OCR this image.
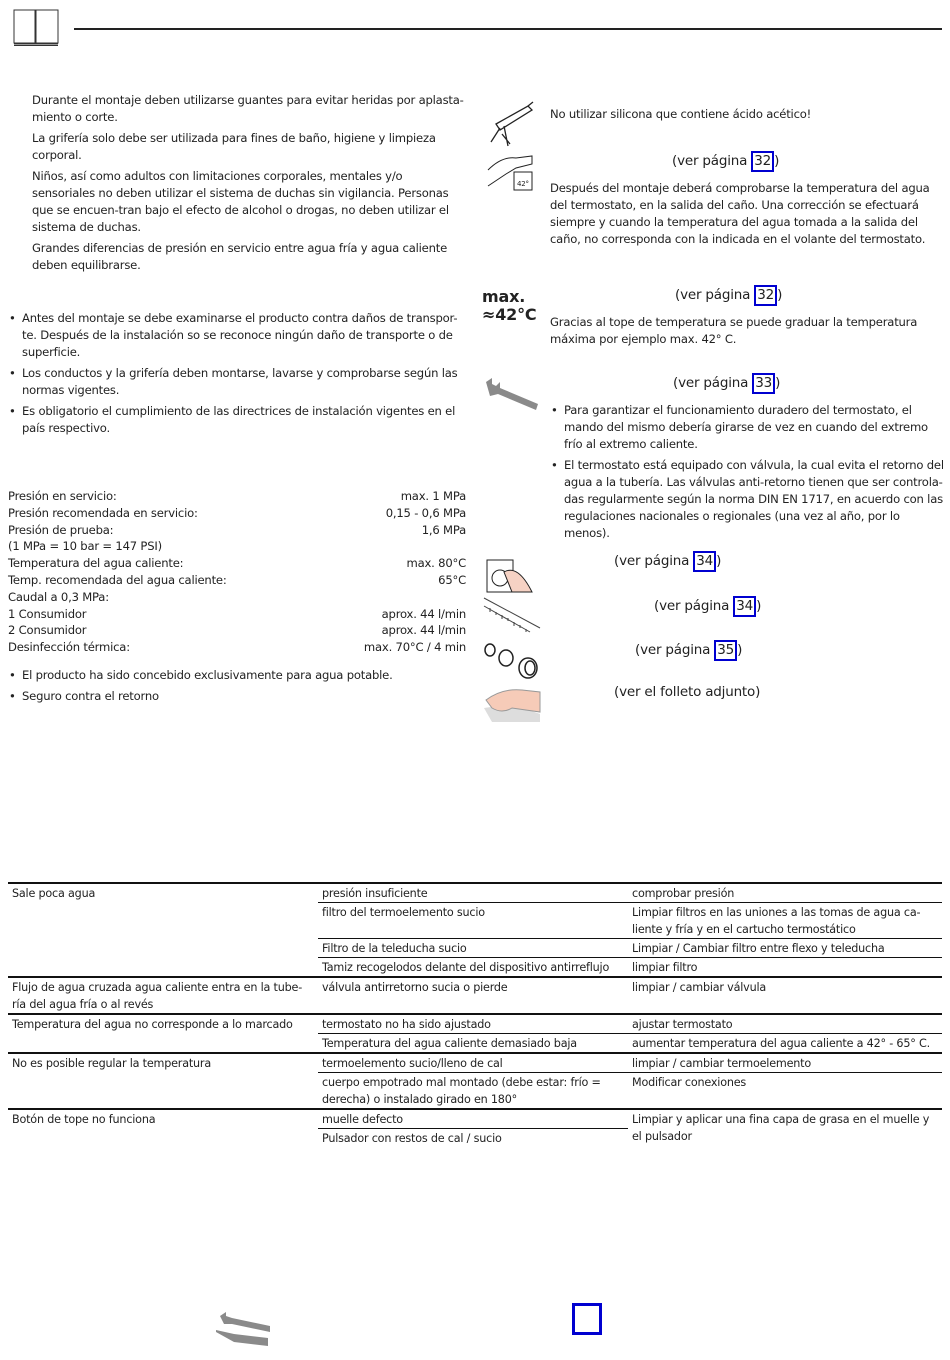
Durante el montaje deben utilizarse guantes para evitar heridas por aplasta-miento o corte.

La grifería solo debe ser utilizada para fines de baño, higiene y limpieza corporal.

Niños, así como adultos con limitaciones corporales, mentales y/o sensoriales no deben utilizar el sistema de duchas sin vigilancia. Personas que se encuen-tran bajo el efecto de alcohol o drogas, no deben utilizar el sistema de duchas.

Grandes diferencias de presión en servicio entre agua fría y agua caliente deben equilibrarse.

• Antes del montaje se debe examinarse el producto contra daños de transpor-te. Después de la instalación so se reconoce ningún daño de transporte o de superficie.
• Los conductos y la grifería deben montarse, lavarse y comprobarse según las normas vigentes.
• Es obligatorio el cumplimiento de las directrices de instalación vigentes en el país respectivo.
Presión en servicio:	max. 1 MPa
Presión recomendada en servicio:	0,15 - 0,6 MPa
Presión de prueba:	1,6 MPa
(1 MPa = 10 bar = 147 PSI)
Temperatura del agua caliente:	max. 80°C
Temp. recomendada del agua caliente:	65°C
Caudal a 0,3 MPa:
1 Consumidor	aprox. 44 l/min
2 Consumidor	aprox. 44 l/min
Desinfección térmica:	max. 70°C / 4 min
• El producto ha sido concebido exclusivamente para agua potable.
• Seguro contra el retorno
No utilizar silicona que contiene ácido acético!
42°
(ver página 32 )

Después del montaje deberá comprobarse la temperatura del agua del termostato, en la salida del caño. Una corrección se efectuará siempre y cuando la temperatura del agua tomada a la salida del caño, no corresponda con la indicada en el volante del termostato.

max.
≈42°C
(ver página 32 )

Gracias al tope de temperatura se puede graduar la temperatura máxima por ejemplo max. 42° C.

(ver página 33 )
• Para garantizar el funcionamiento duradero del termostato, el mando del mismo debería girarse de vez en cuando del extremo frío al extremo caliente.
• El termostato está equipado con válvula, la cual evita el retorno del agua a la tubería. Las válvulas anti-retorno tienen que ser controla-das regularmente según la norma DIN EN 1717, en acuerdo con las regulaciones nacionales o regionales (una vez al año, por lo menos).
(ver página 34 )
(ver página 34 )
(ver página 35 )
(ver el folleto adjunto)
Sale poca agua	presión insuficiente	comprobar presión
	filtro del termoelemento sucio	Limpiar filtros en las uniones a las tomas de agua ca-liente y fría y en el cartucho termostático
	Filtro de la teleducha sucio	Limpiar / Cambiar filtro entre flexo y teleducha
	Tamiz recogelodos delante del dispositivo antirreflujo	limpiar filtro
Flujo de agua cruzada agua caliente entra en la tube-ría del agua fría o al revés	válvula antirretorno sucia o pierde	limpiar / cambiar válvula
Temperatura del agua no corresponde a lo marcado	termostato no ha sido ajustado	ajustar termostato
	Temperatura del agua caliente demasiado baja	aumentar temperatura del agua caliente a 42° - 65° C.
No es posible regular la temperatura	termoelemento sucio/lleno de cal	limpiar / cambiar termoelemento
	cuerpo empotrado mal montado (debe estar: frío = derecha) o instalado girado en 180°	Modificar conexiones
Botón de tope no funciona	muelle defecto	Limpiar y aplicar una fina capa de grasa en el muelle y el pulsador
	Pulsador con restos de cal / sucio	
